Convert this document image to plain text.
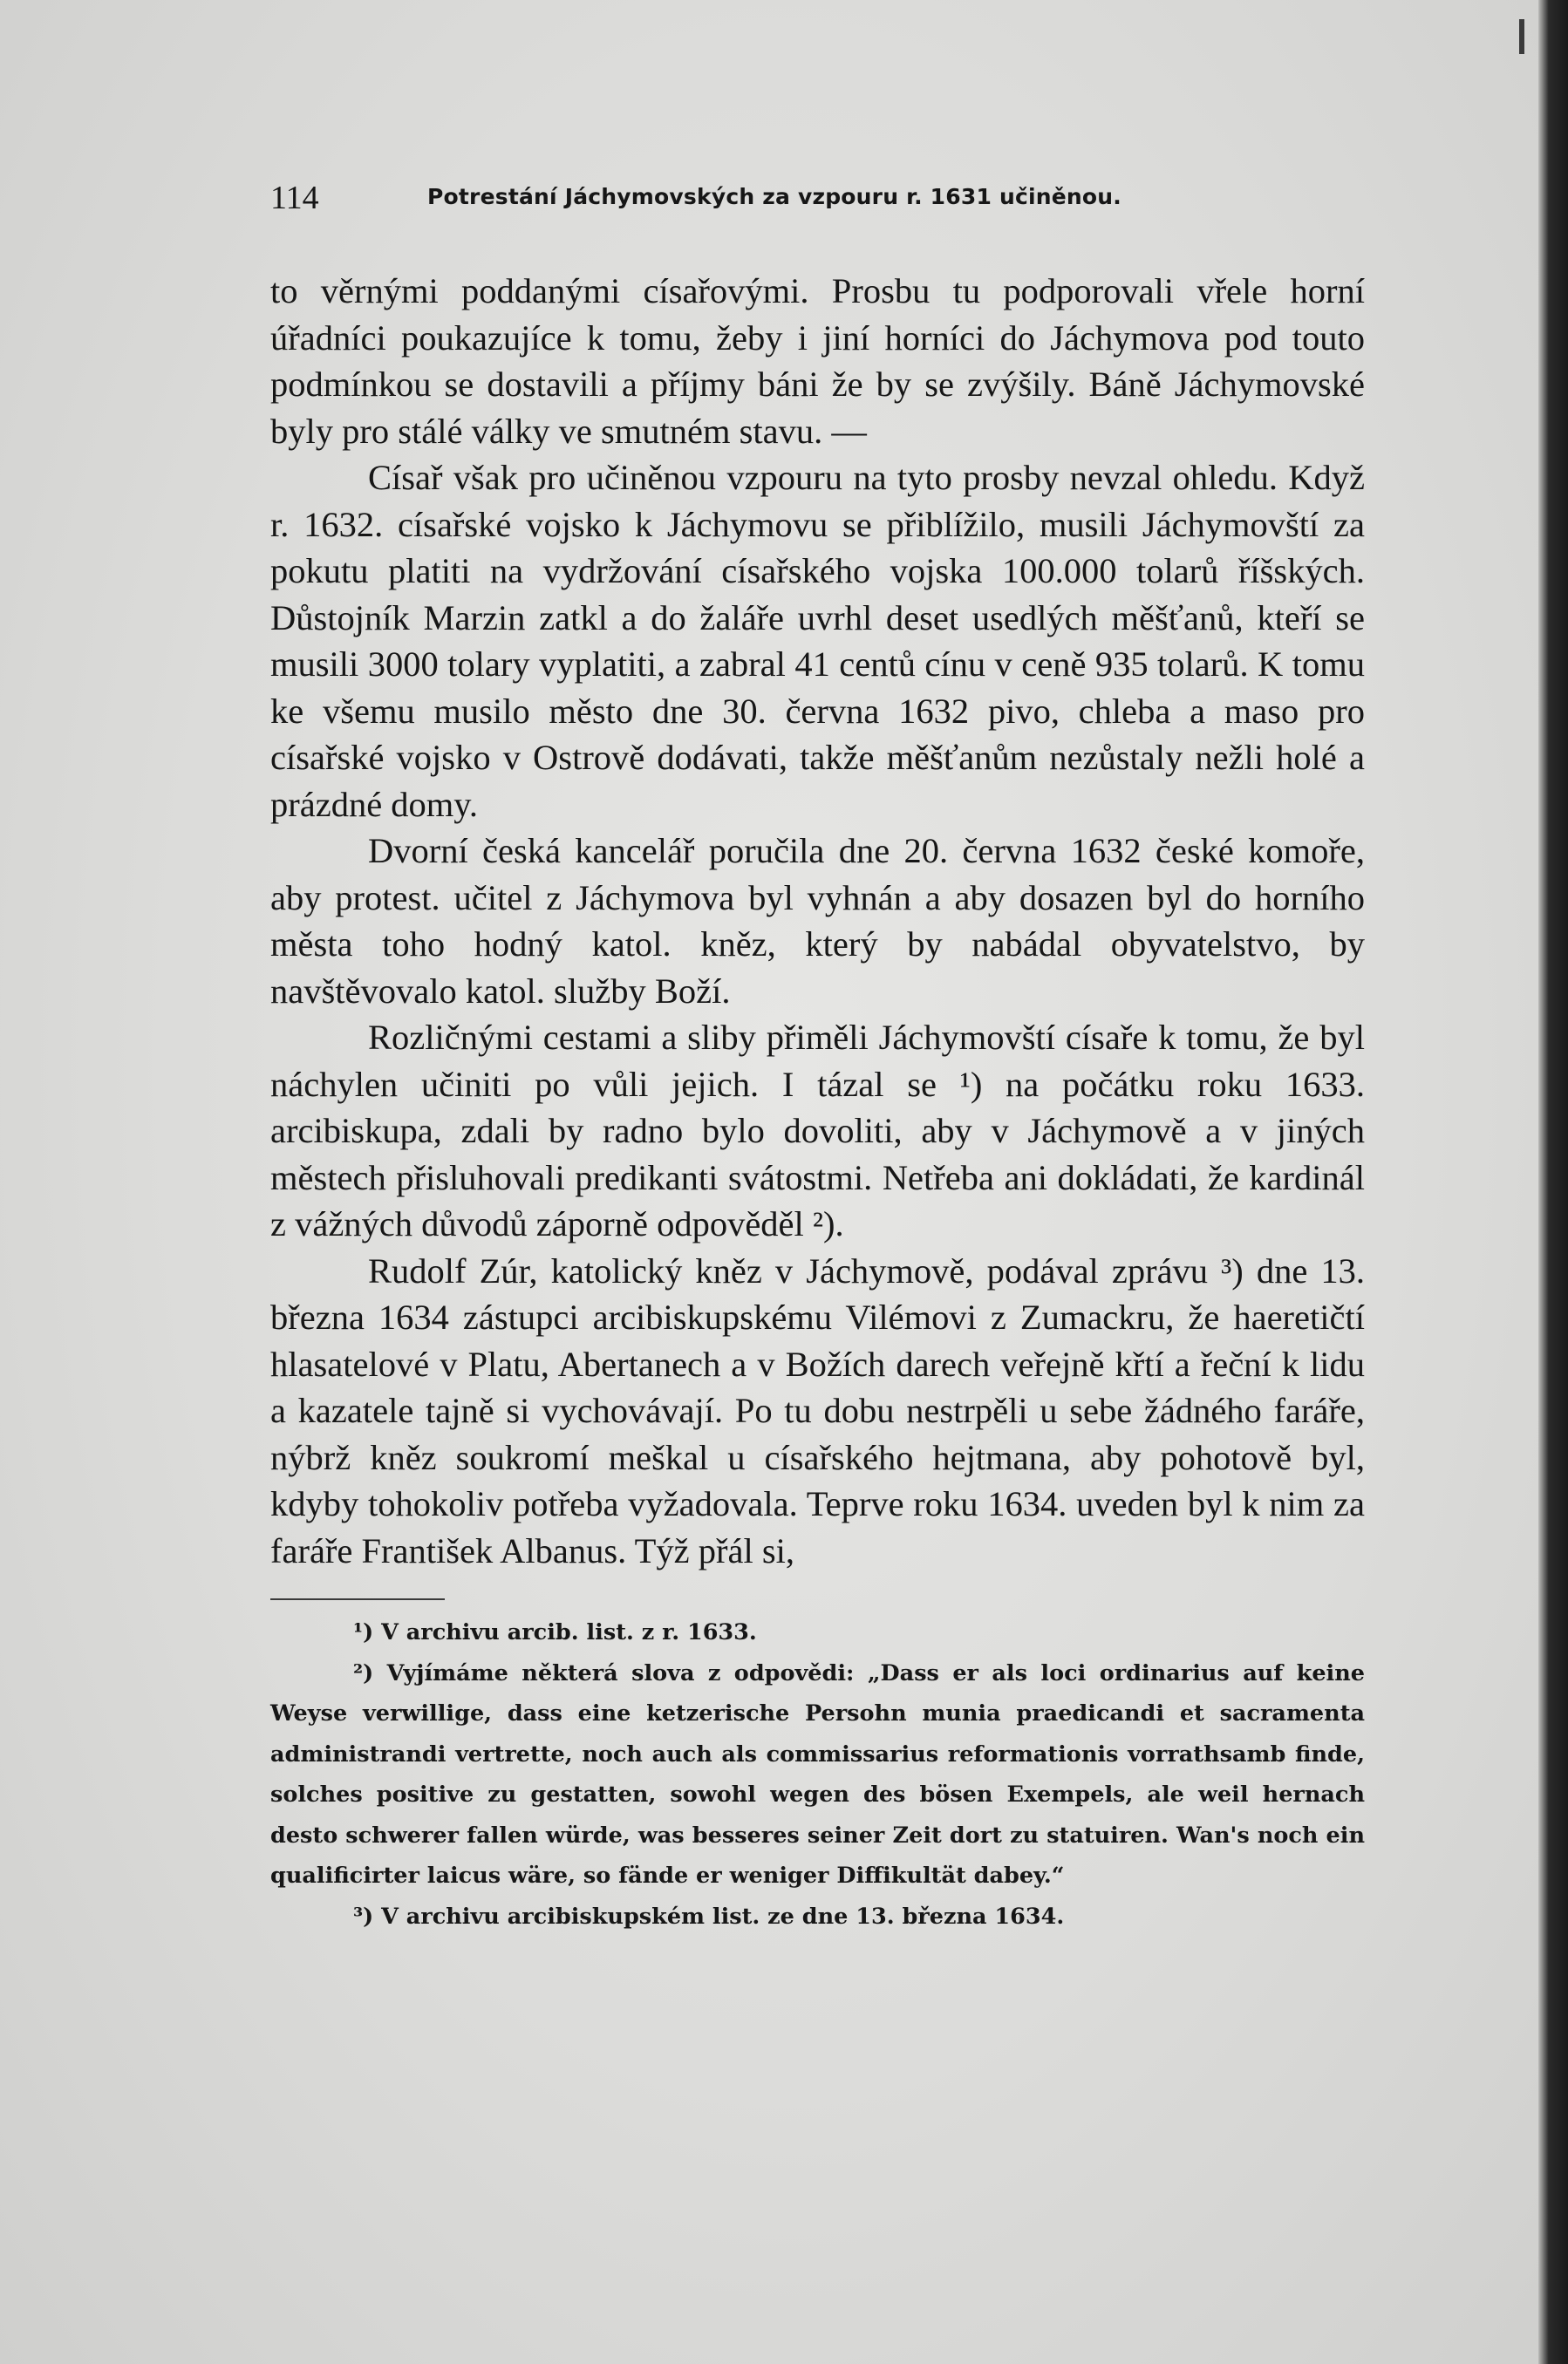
114	Potrestání Jáchymovských za vzpouru r. 1631 učiněnou.

to věrnými poddanými císařovými. Prosbu tu podporovali vřele horní úřadníci poukazujíce k tomu, žeby i jiní horníci do Jáchymova pod touto podmínkou se dostavili a příjmy báni že by se zvýšily. Báně Jáchymovské byly pro stálé války ve smutném stavu. —

Císař však pro učiněnou vzpouru na tyto prosby nevzal ohledu. Když r. 1632. císařské vojsko k Jáchymovu se přiblížilo, musili Jáchymovští za pokutu platiti na vydržování císařského vojska 100.000 tolarů říšských. Důstojník Marzin zatkl a do žaláře uvrhl deset usedlých měšťanů, kteří se musili 3000 tolary vyplatiti, a zabral 41 centů cínu v ceně 935 tolarů. K tomu ke všemu musilo město dne 30. června 1632 pivo, chleba a maso pro císařské vojsko v Ostrově dodávati, takže měšťanům nezůstaly nežli holé a prázdné domy.

Dvorní česká kancelář poručila dne 20. června 1632 české komoře, aby protest. učitel z Jáchymova byl vyhnán a aby dosazen byl do horního města toho hodný katol. kněz, který by nabádal obyvatelstvo, by navštěvovalo katol. služby Boží.

Rozličnými cestami a sliby přiměli Jáchymovští císaře k tomu, že byl náchylen učiniti po vůli jejich. I tázal se ¹) na počátku roku 1633. arcibiskupa, zdali by radno bylo dovoliti, aby v Jáchymově a v jiných městech přisluhovali predikanti svátostmi. Netřeba ani dokládati, že kardinál z vážných důvodů záporně odpověděl ²).

Rudolf Zúr, katolický kněz v Jáchymově, podával zprávu ³) dne 13. března 1634 zástupci arcibiskupskému Vilémovi z Zumackru, že haeretičtí hlasatelové v Platu, Abertanech a v Božích darech veřejně křtí a řeční k lidu a kazatele tajně si vychovávají. Po tu dobu nestrpěli u sebe žádného faráře, nýbrž kněz soukromí meškal u císařského hejtmana, aby pohotově byl, kdyby tohokoliv potřeba vyžadovala. Teprve roku 1634. uveden byl k nim za faráře František Albanus. Týž přál si,

¹) V archivu arcib. list. z r. 1633.

²) Vyjímáme některá slova z odpovědi: „Dass er als loci ordinarius auf keine Weyse verwillige, dass eine ketzerische Persohn munia praedicandi et sacramenta administrandi vertrette, noch auch als commissarius reformationis vorrathsamb finde, solches positive zu gestatten, sowohl wegen des bösen Exempels, ale weil hernach desto schwerer fallen würde, was besseres seiner Zeit dort zu statuiren. Wan's noch ein qualificirter laicus wäre, so fände er weniger Diffikultät dabey.“

³) V archivu arcibiskupském list. ze dne 13. března 1634.
